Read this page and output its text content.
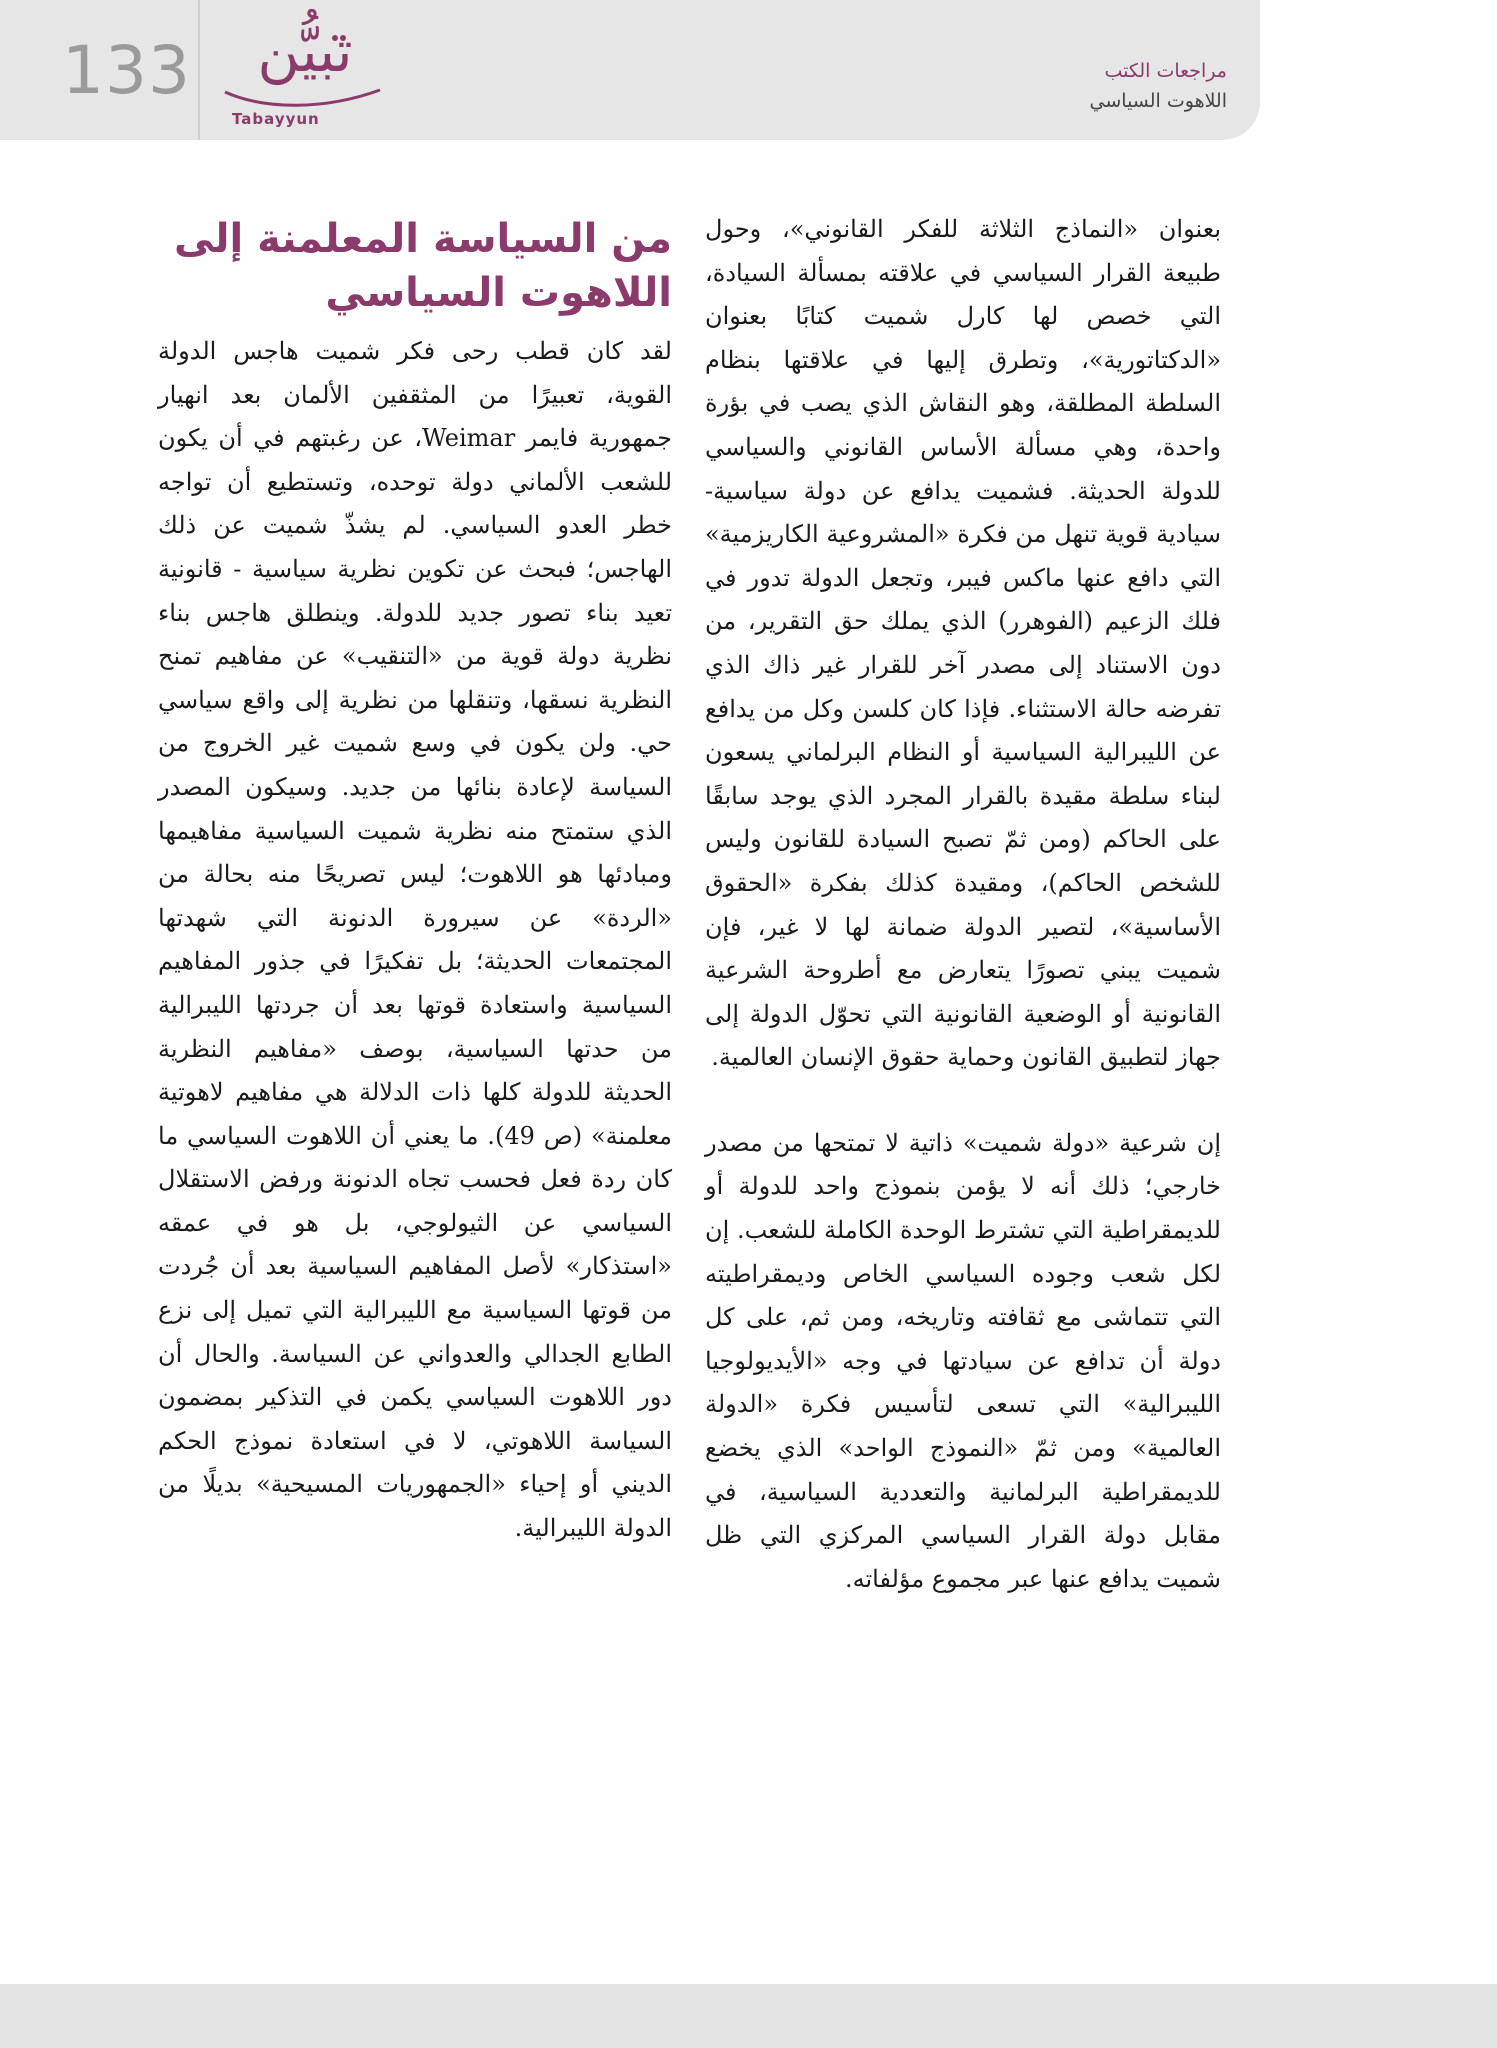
133	تبيُّن
Tabayyun
مراجعات الكتب
اللاهوت السياسي

بعنوان «النماذج الثلاثة للفكر القانوني»، وحول طبيعة القرار السياسي في علاقته بمسألة السيادة، التي خصص لها كارل شميت كتابًا بعنوان «الدكتاتورية»، وتطرق إليها في علاقتها بنظام السلطة المطلقة، وهو النقاش الذي يصب في بؤرة واحدة، وهي مسألة الأساس القانوني والسياسي للدولة الحديثة. فشميت يدافع عن دولة سياسية- سيادية قوية تنهل من فكرة «المشروعية الكاريزمية» التي دافع عنها ماكس فيبر، وتجعل الدولة تدور في فلك الزعيم (الفوهرر) الذي يملك حق التقرير، من دون الاستناد إلى مصدر آخر للقرار غير ذاك الذي تفرضه حالة الاستثناء. فإذا كان كلسن وكل من يدافع عن الليبرالية السياسية أو النظام البرلماني يسعون لبناء سلطة مقيدة بالقرار المجرد الذي يوجد سابقًا على الحاكم (ومن ثمّ تصبح السيادة للقانون وليس للشخص الحاكم)، ومقيدة كذلك بفكرة «الحقوق الأساسية»، لتصير الدولة ضمانة لها لا غير، فإن شميت يبني تصورًا يتعارض مع أطروحة الشرعية القانونية أو الوضعية القانونية التي تحوّل الدولة إلى جهاز لتطبيق القانون وحماية حقوق الإنسان العالمية.

إن شرعية «دولة شميت» ذاتية لا تمتحها من مصدر خارجي؛ ذلك أنه لا يؤمن بنموذج واحد للدولة أو للديمقراطية التي تشترط الوحدة الكاملة للشعب. إن لكل شعب وجوده السياسي الخاص وديمقراطيته التي تتماشى مع ثقافته وتاريخه، ومن ثم، على كل دولة أن تدافع عن سيادتها في وجه «الأيديولوجيا الليبرالية» التي تسعى لتأسيس فكرة «الدولة العالمية» ومن ثمّ «النموذج الواحد» الذي يخضع للديمقراطية البرلمانية والتعددية السياسية، في مقابل دولة القرار السياسي المركزي التي ظل شميت يدافع عنها عبر مجموع مؤلفاته.

من السياسة المعلمنة إلى
اللاهوت السياسي

لقد كان قطب رحى فكر شميت هاجس الدولة القوية، تعبيرًا من المثقفين الألمان بعد انهيار جمهورية فايمر Weimar، عن رغبتهم في أن يكون للشعب الألماني دولة توحده، وتستطيع أن تواجه خطر العدو السياسي. لم يشذّ شميت عن ذلك الهاجس؛ فبحث عن تكوين نظرية سياسية - قانونية تعيد بناء تصور جديد للدولة. وينطلق هاجس بناء نظرية دولة قوية من «التنقيب» عن مفاهيم تمنح النظرية نسقها، وتنقلها من نظرية إلى واقع سياسي حي. ولن يكون في وسع شميت غير الخروج من السياسة لإعادة بنائها من جديد. وسيكون المصدر الذي ستمتح منه نظرية شميت السياسية مفاهيمها ومبادئها هو اللاهوت؛ ليس تصريحًا منه بحالة من «الردة» عن سيرورة الدنونة التي شهدتها المجتمعات الحديثة؛ بل تفكيرًا في جذور المفاهيم السياسية واستعادة قوتها بعد أن جردتها الليبرالية من حدتها السياسية، بوصف «مفاهيم النظرية الحديثة للدولة كلها ذات الدلالة هي مفاهيم لاهوتية معلمنة» (ص 49). ما يعني أن اللاهوت السياسي ما كان ردة فعل فحسب تجاه الدنونة ورفض الاستقلال السياسي عن الثيولوجي، بل هو في عمقه «استذكار» لأصل المفاهيم السياسية بعد أن جُردت من قوتها السياسية مع الليبرالية التي تميل إلى نزع الطابع الجدالي والعدواني عن السياسة. والحال أن دور اللاهوت السياسي يكمن في التذكير بمضمون السياسة اللاهوتي، لا في استعادة نموذج الحكم الديني أو إحياء «الجمهوريات المسيحية» بديلًا من الدولة الليبرالية.
